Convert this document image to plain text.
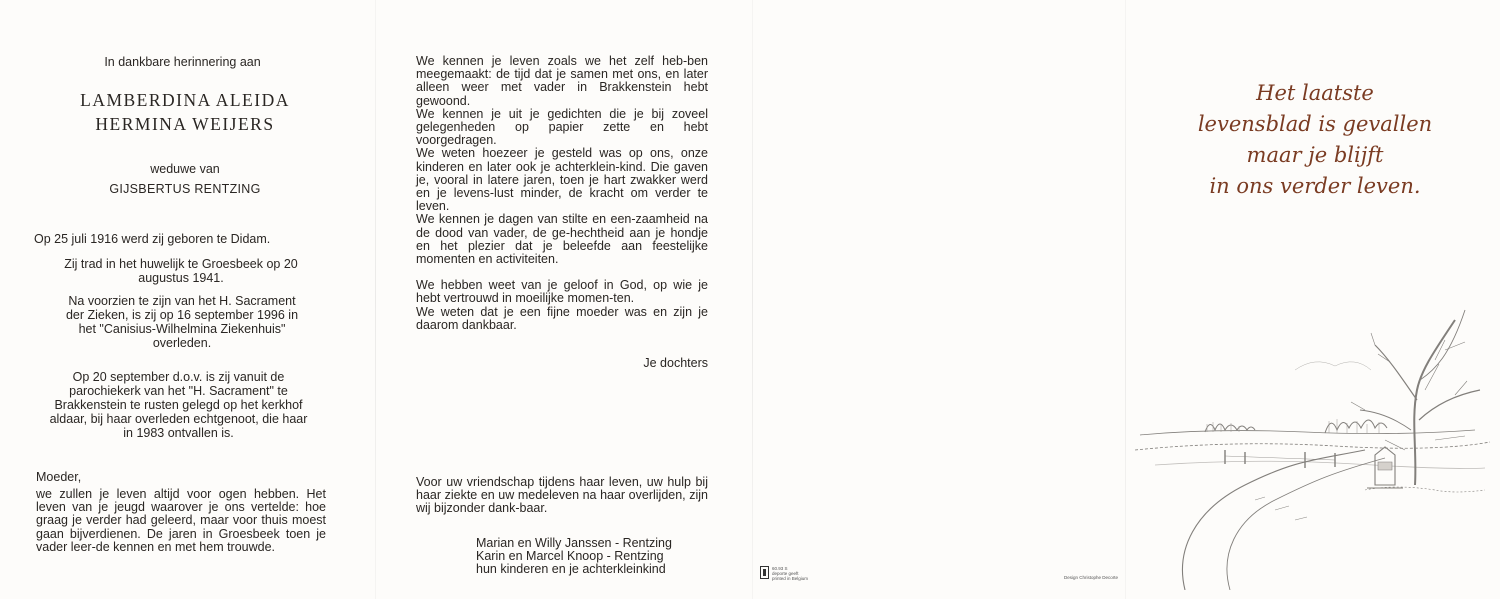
In dankbare herinnering aan
LAMBERDINA ALEIDA
HERMINA WEIJERS
weduwe van
GIJSBERTUS RENTZING
Op 25 juli 1916 werd zij geboren te Didam.
Zij trad in het huwelijk te Groesbeek op 20 augustus 1941.
Na voorzien te zijn van het H. Sacrament der Zieken, is zij op 16 september 1996 in het "Canisius-Wilhelmina Ziekenhuis" overleden.
Op 20 september d.o.v. is zij vanuit de parochiekerk van het "H. Sacrament" te Brakkenstein te rusten gelegd op het kerkhof aldaar, bij haar overleden echtgenoot, die haar in 1983 ontvallen is.
Moeder,
we zullen je leven altijd voor ogen hebben. Het leven van je jeugd waarover je ons vertelde: hoe graag je verder had geleerd, maar voor thuis moest gaan bijverdienen. De jaren in Groesbeek toen je vader leer-de kennen en met hem trouwde.
We kennen je leven zoals we het zelf heb-ben meegemaakt: de tijd dat je samen met ons, en later alleen weer met vader in Brakkenstein hebt gewoond.
We kennen je uit je gedichten die je bij zoveel gelegenheden op papier zette en hebt voorgedragen.
We weten hoezeer je gesteld was op ons, onze kinderen en later ook je achterklein-kind. Die gaven je, vooral in latere jaren, toen je hart zwakker werd en je levens-lust minder, de kracht om verder te leven.
We kennen je dagen van stilte en een-zaamheid na de dood van vader, de ge-hechtheid aan je hondje en het plezier dat je beleefde aan feestelijke momenten en activiteiten.
We hebben weet van je geloof in God, op wie je hebt vertrouwd in moeilijke momen-ten.
We weten dat je een fijne moeder was en zijn je daarom dankbaar.
Je dochters
Voor uw vriendschap tijdens haar leven, uw hulp bij haar ziekte en uw medeleven na haar overlijden, zijn wij bijzonder dank-baar.
Marian en Willy Janssen - Rentzing
Karin en Marcel Knoop - Rentzing
hun kinderen en je achterkleinkind	60.93 S
deporte geeft
printed in Belgium	Design Christophe Decorte
Het laatste
levensblad is gevallen
maar je blijft
in ons verder leven.
